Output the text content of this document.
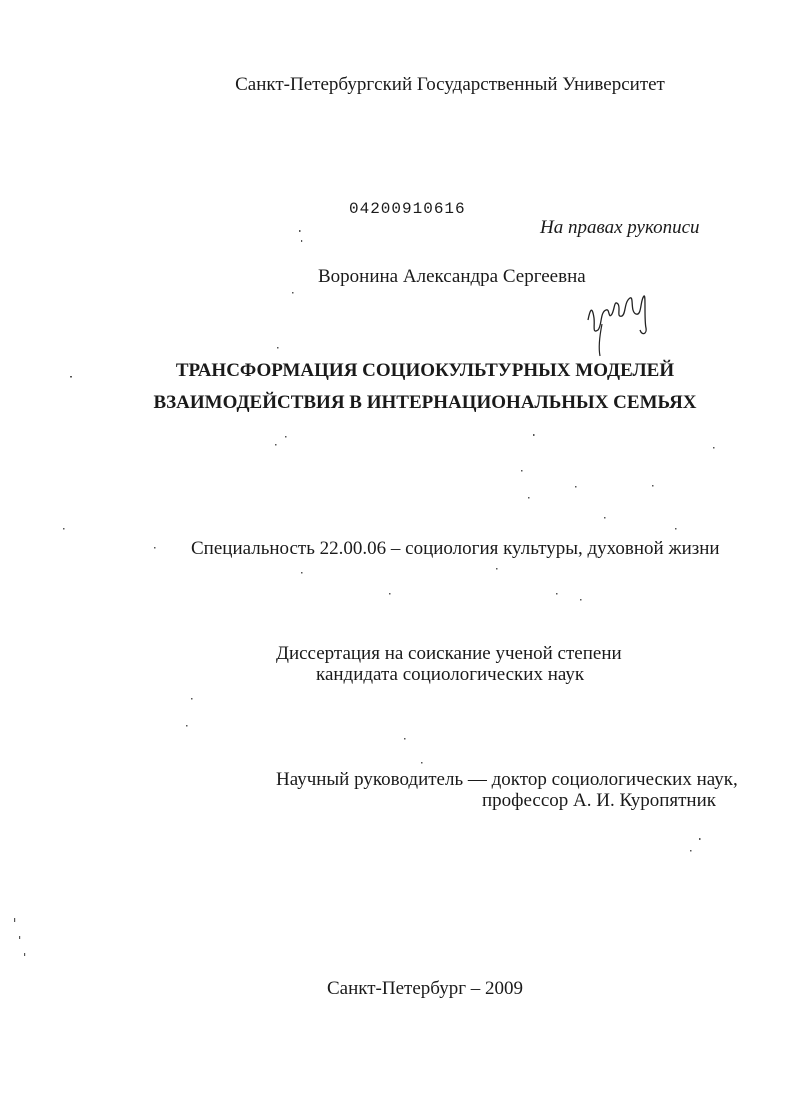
Санкт-Петербургский Государственный Университет
04200910616
На правах рукописи
Воронина Александра Сергеевна
ТРАНСФОРМАЦИЯ СОЦИОКУЛЬТУРНЫХ МОДЕЛЕЙ
ВЗАИМОДЕЙСТВИЯ В ИНТЕРНАЦИОНАЛЬНЫХ СЕМЬЯХ
Специальность 22.00.06 – социология культуры, духовной жизни
Диссертация на соискание ученой степени
кандидата социологических наук
Научный руководитель — доктор социологических наук,
профессор А. И. Куропятник
Санкт-Петербург – 2009
